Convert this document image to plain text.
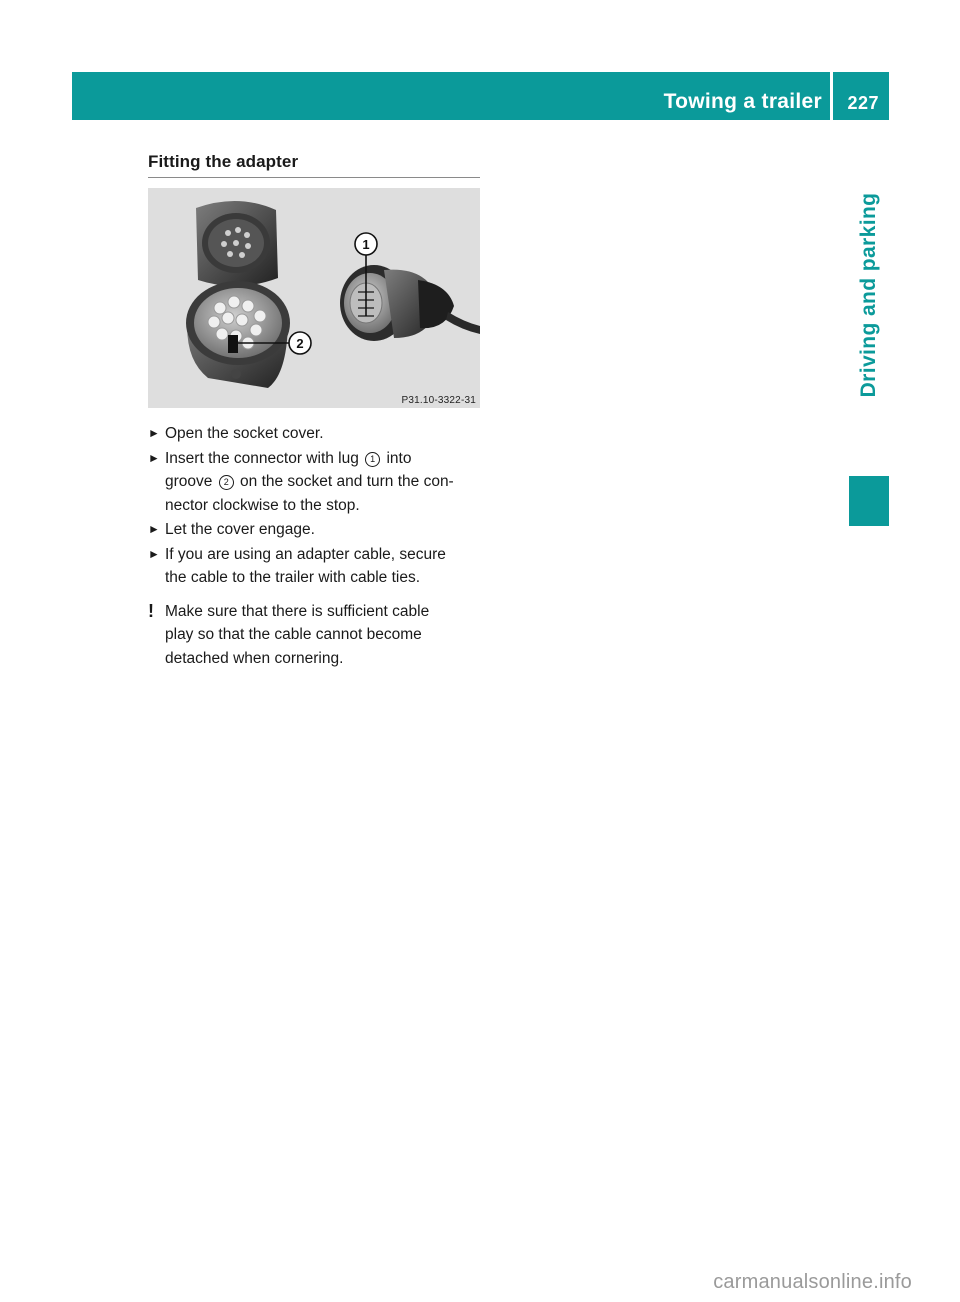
Towing a trailer 227
Driving and parking
Fitting the adapter
2
1
P31.10-3322-31
► Open the socket cover.
► Insert the connector with lug 1 into
groove 2 on the socket and turn the con-
nector clockwise to the stop.
► Let the cover engage.
► If you are using an adapter cable, secure
the cable to the trailer with cable ties.
! Make sure that there is sufficient cable
play so that the cable cannot become
detached when cornering.
carmanualsonline.info
